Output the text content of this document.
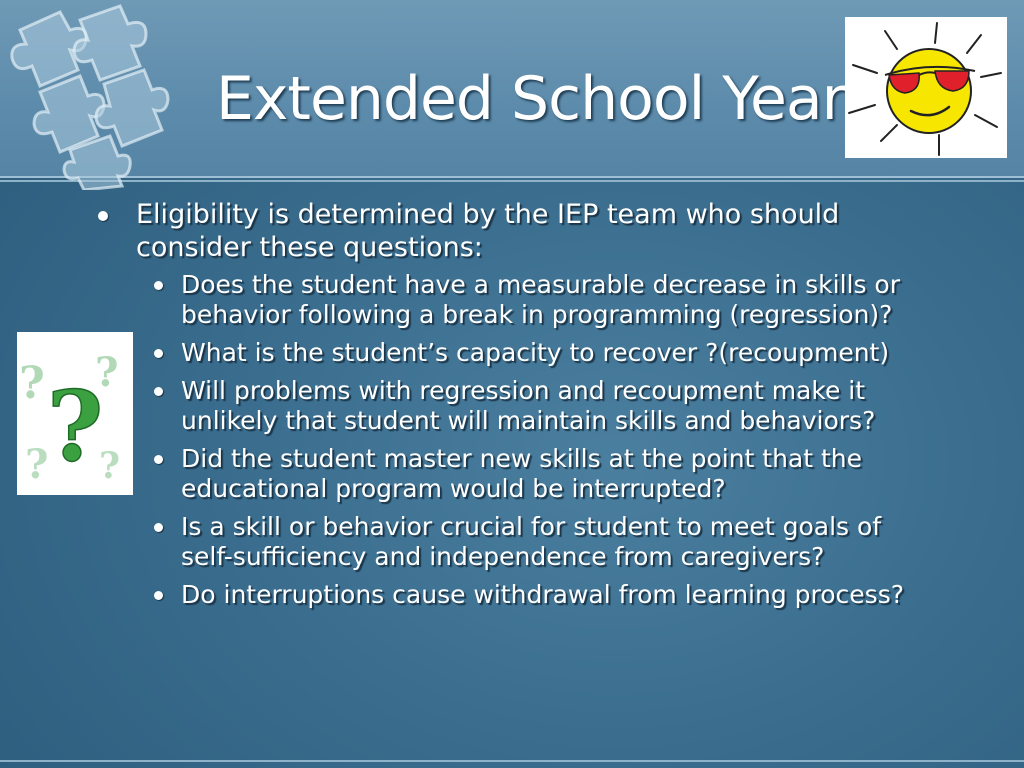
Extended School Year
? ?
?
? ?
Eligibility is determined by the IEP team who should consider these questions:
Does the student have a measurable decrease in skills or behavior following a break in programming (regression)?
What is the student’s capacity to recover ?(recoupment)
Will problems with regression and recoupment make it unlikely that student will maintain skills and behaviors?
Did the student master new skills at the point that the educational program would be interrupted?
Is a skill or behavior crucial for student to meet goals of self-sufficiency and independence from caregivers?
Do interruptions cause withdrawal from learning process?
